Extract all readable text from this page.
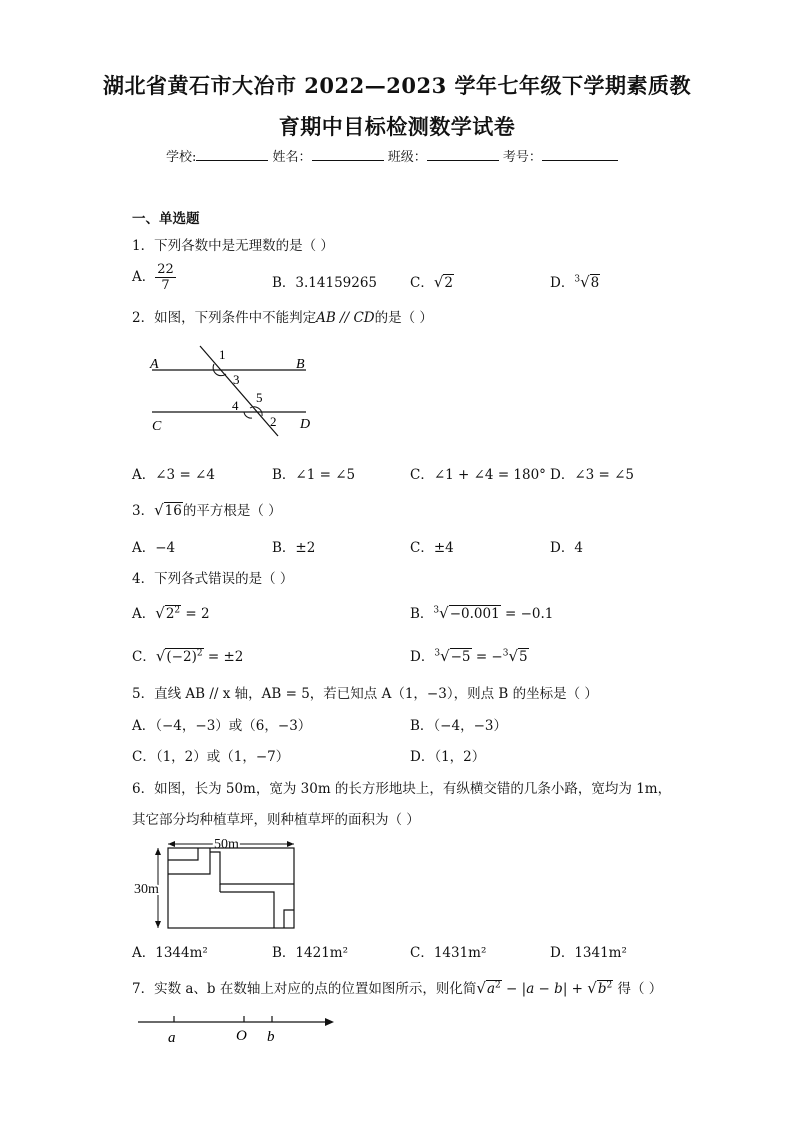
湖北省黄石市大冶市 2022—2023 学年七年级下学期素质教
育期中目标检测数学试卷
学校:	姓名：	班级：	考号：
一、单选题
1．下列各数中是无理数的是（ ）
A． $\frac{22}{7}$	B．3.14159265 C．√2	D．$^3$√8
2．如图，下列条件中不能判定AB // CD的是（ ）
A	B
C	D
1
3
4
5
2
A．∠3 = ∠4	B．∠1 = ∠5	C．∠1 + ∠4 = 180° D．∠3 = ∠5
3．√16的平方根是（ ）
A．−4	B．±2	C．±4	D．4
4．下列各式错误的是（ ）
A．$√2^2 = 2$	B．$^3$√−0.001 = −0.1
C．$√(-2)^2 = \pm 2$	D．$^3$√−5 = −$^3$√5
5．直线 AB // x 轴，AB = 5，若已知点 A（1，−3），则点 B 的坐标是（ ）
A．（−4，−3）或（6，−3）	B．（−4，−3）
C．（1，2）或（1，−7）	D．（1，2）
6．如图，长为 50m，宽为 30m 的长方形地块上，有纵横交错的几条小路，宽均为 1m，
其它部分均种植草坪，则种植草坪的面积为（ ）
50m
30m
A．1344m²	B．1421m²	C．1431m²	D．1341m²
7．实数 a、b 在数轴上对应的点的位置如图所示，则化简$√a^2 - |a - b| + √b^2$ 得（ ）
a	O b
